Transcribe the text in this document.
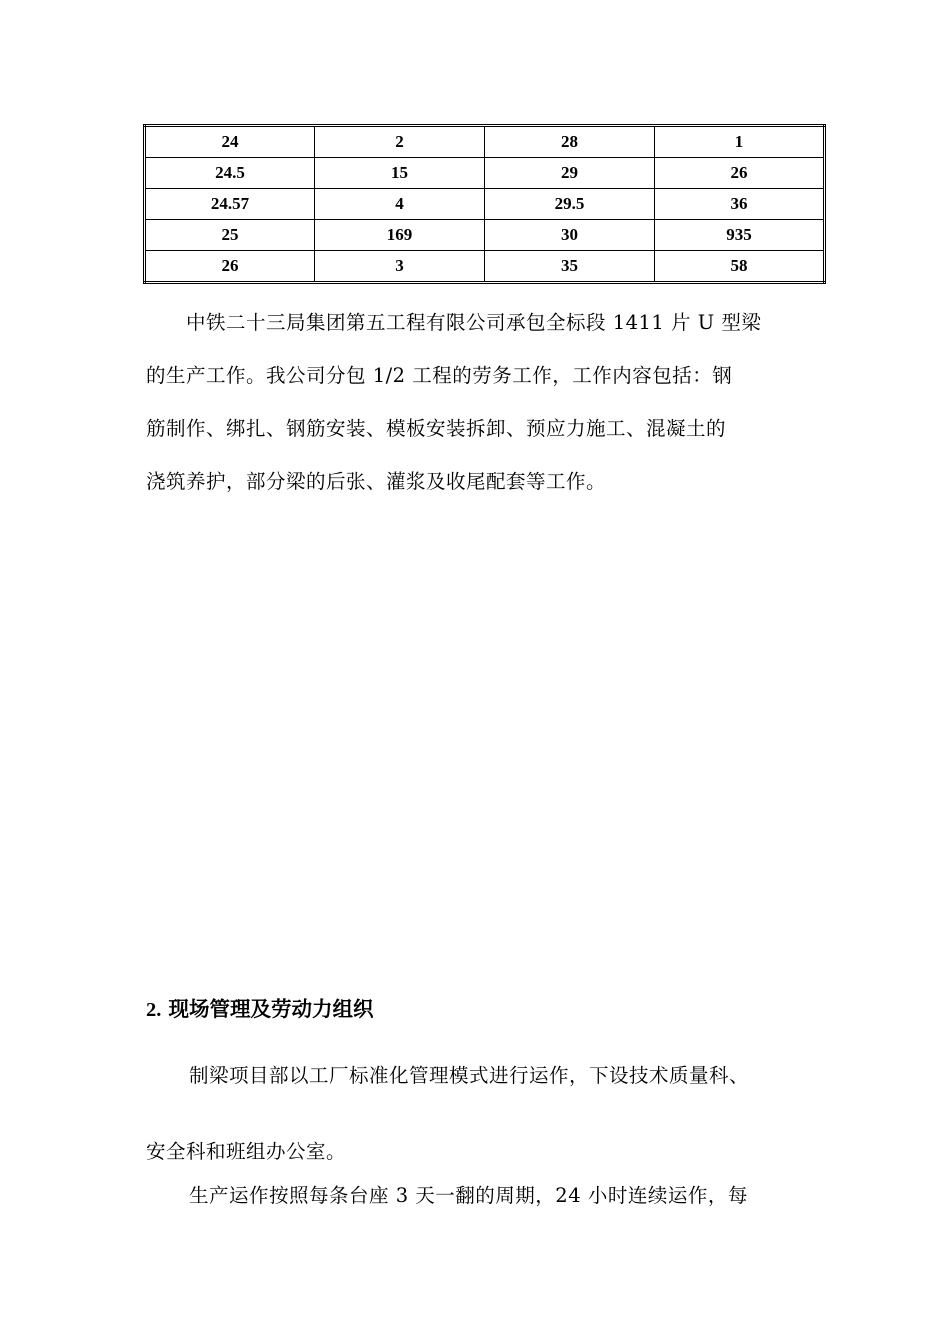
24	2	28	1
24.5	15	29	26
24.57	4	29.5	36
25	169	30	935
26	3	35	58
中铁二十三局集团第五工程有限公司承包全标段 1411 片 U 型梁
的生产工作。我公司分包 1/2 工程的劳务工作，工作内容包括：钢
筋制作、绑扎、钢筋安装、模板安装拆卸、预应力施工、混凝土的
浇筑养护，部分梁的后张、灌浆及收尾配套等工作。
2. 现场管理及劳动力组织
制梁项目部以工厂标准化管理模式进行运作，下设技术质量科、
安全科和班组办公室。

生产运作按照每条台座 3 天一翻的周期，24 小时连续运作，每
